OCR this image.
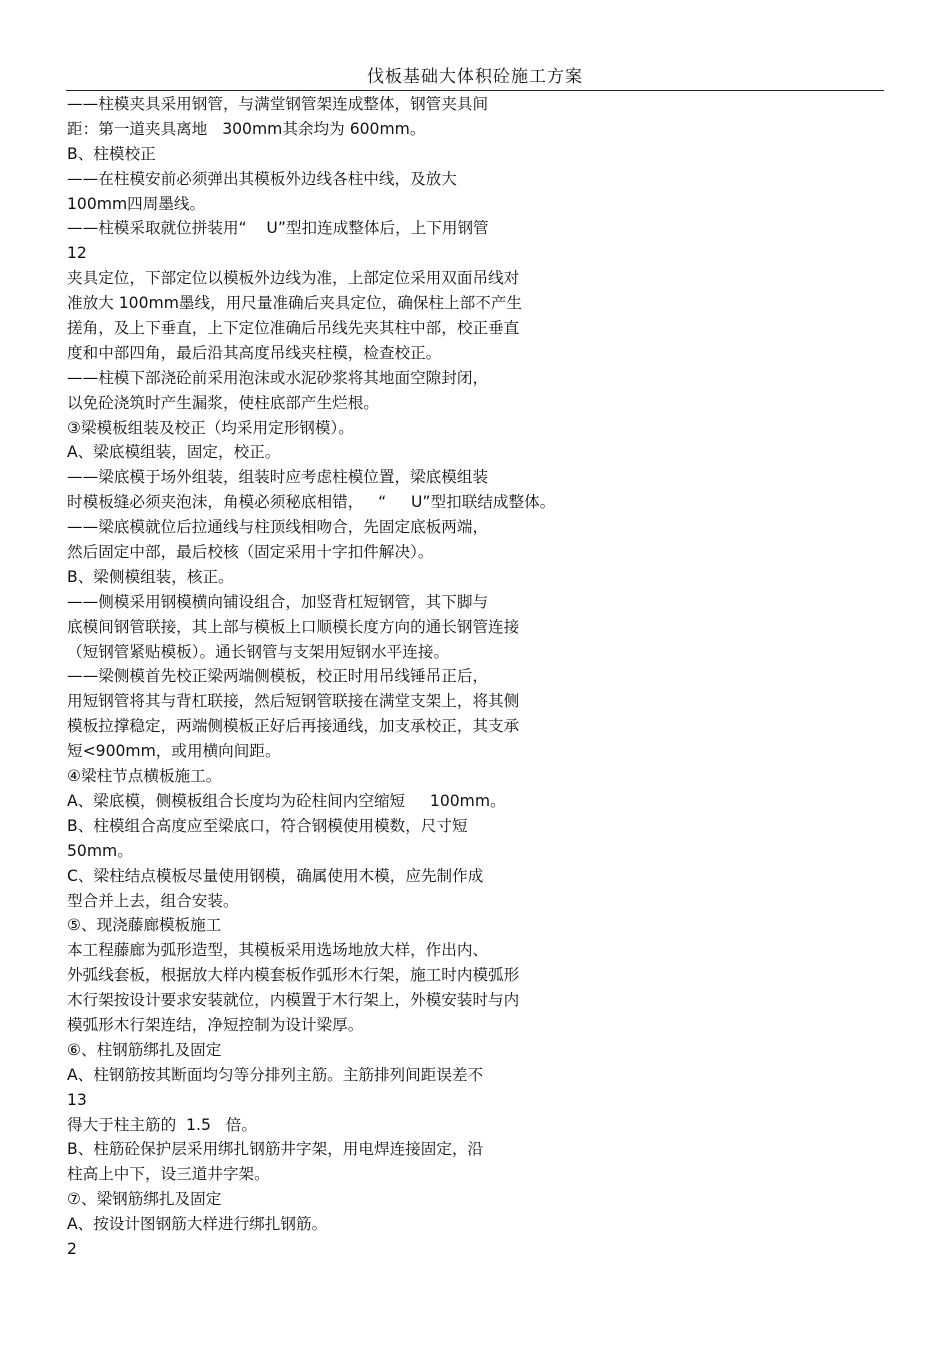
伐板基础大体积砼施工方案
——柱模夹具采用钢管，与满堂钢管架连成整体，钢管夹具间
距：第一道夹具离地   300mm其余均为 600mm。
B、柱模校正
——在柱模安前必须弹出其模板外边线各柱中线，及放大
100mm四周墨线。
——柱模采取就位拼装用“    U”型扣连成整体后，上下用钢管
12
夹具定位，下部定位以模板外边线为准，上部定位采用双面吊线对
准放大 100mm墨线，用尺量准确后夹具定位，确保柱上部不产生
搓角，及上下垂直，上下定位准确后吊线先夹其柱中部，校正垂直
度和中部四角，最后沿其高度吊线夹柱模，检查校正。
——柱模下部浇砼前采用泡沫或水泥砂浆将其地面空隙封闭，
以免砼浇筑时产生漏浆，使柱底部产生烂根。
③梁模板组装及校正（均采用定形钢模）。
A、梁底模组装，固定，校正。
——梁底模于场外组装，组装时应考虑柱模位置，梁底模组装
时模板缝必须夹泡沫，角模必须秘底相错，   “     U”型扣联结成整体。
——梁底模就位后拉通线与柱顶线相吻合，先固定底板两端，
然后固定中部，最后校核（固定采用十字扣件解决）。
B、梁侧模组装，核正。
——侧模采用钢模横向铺设组合，加竖背杠短钢管，其下脚与
底模间钢管联接，其上部与模板上口顺模长度方向的通长钢管连接
（短钢管紧贴模板）。通长钢管与支架用短钢水平连接。
——梁侧模首先校正梁两端侧模板，校正时用吊线锤吊正后，
用短钢管将其与背杠联接，然后短钢管联接在满堂支架上，将其侧
模板拉撑稳定，两端侧模板正好后再接通线，加支承校正，其支承
短<900mm，或用横向间距。
④梁柱节点横板施工。
A、梁底模，侧模板组合长度均为砼柱间内空缩短     100mm。
B、柱模组合高度应至梁底口，符合钢模使用模数，尺寸短
50mm。
C、梁柱结点模板尽量使用钢模，确属使用木模，应先制作成
型合并上去，组合安装。
⑤、现浇藤廊模板施工
本工程藤廊为弧形造型，其模板采用选场地放大样，作出内、
外弧线套板，根据放大样内模套板作弧形木行架，施工时内模弧形
木行架按设计要求安装就位，内模置于木行架上，外模安装时与内
模弧形木行架连结，净短控制为设计梁厚。
⑥、柱钢筋绑扎及固定
A、柱钢筋按其断面均匀等分排列主筋。主筋排列间距误差不
13
得大于柱主筋的  1.5   倍。
B、柱筋砼保护层采用绑扎钢筋井字架，用电焊连接固定，沿
柱高上中下，设三道井字架。
⑦、梁钢筋绑扎及固定
A、按设计图钢筋大样进行绑扎钢筋。
2
